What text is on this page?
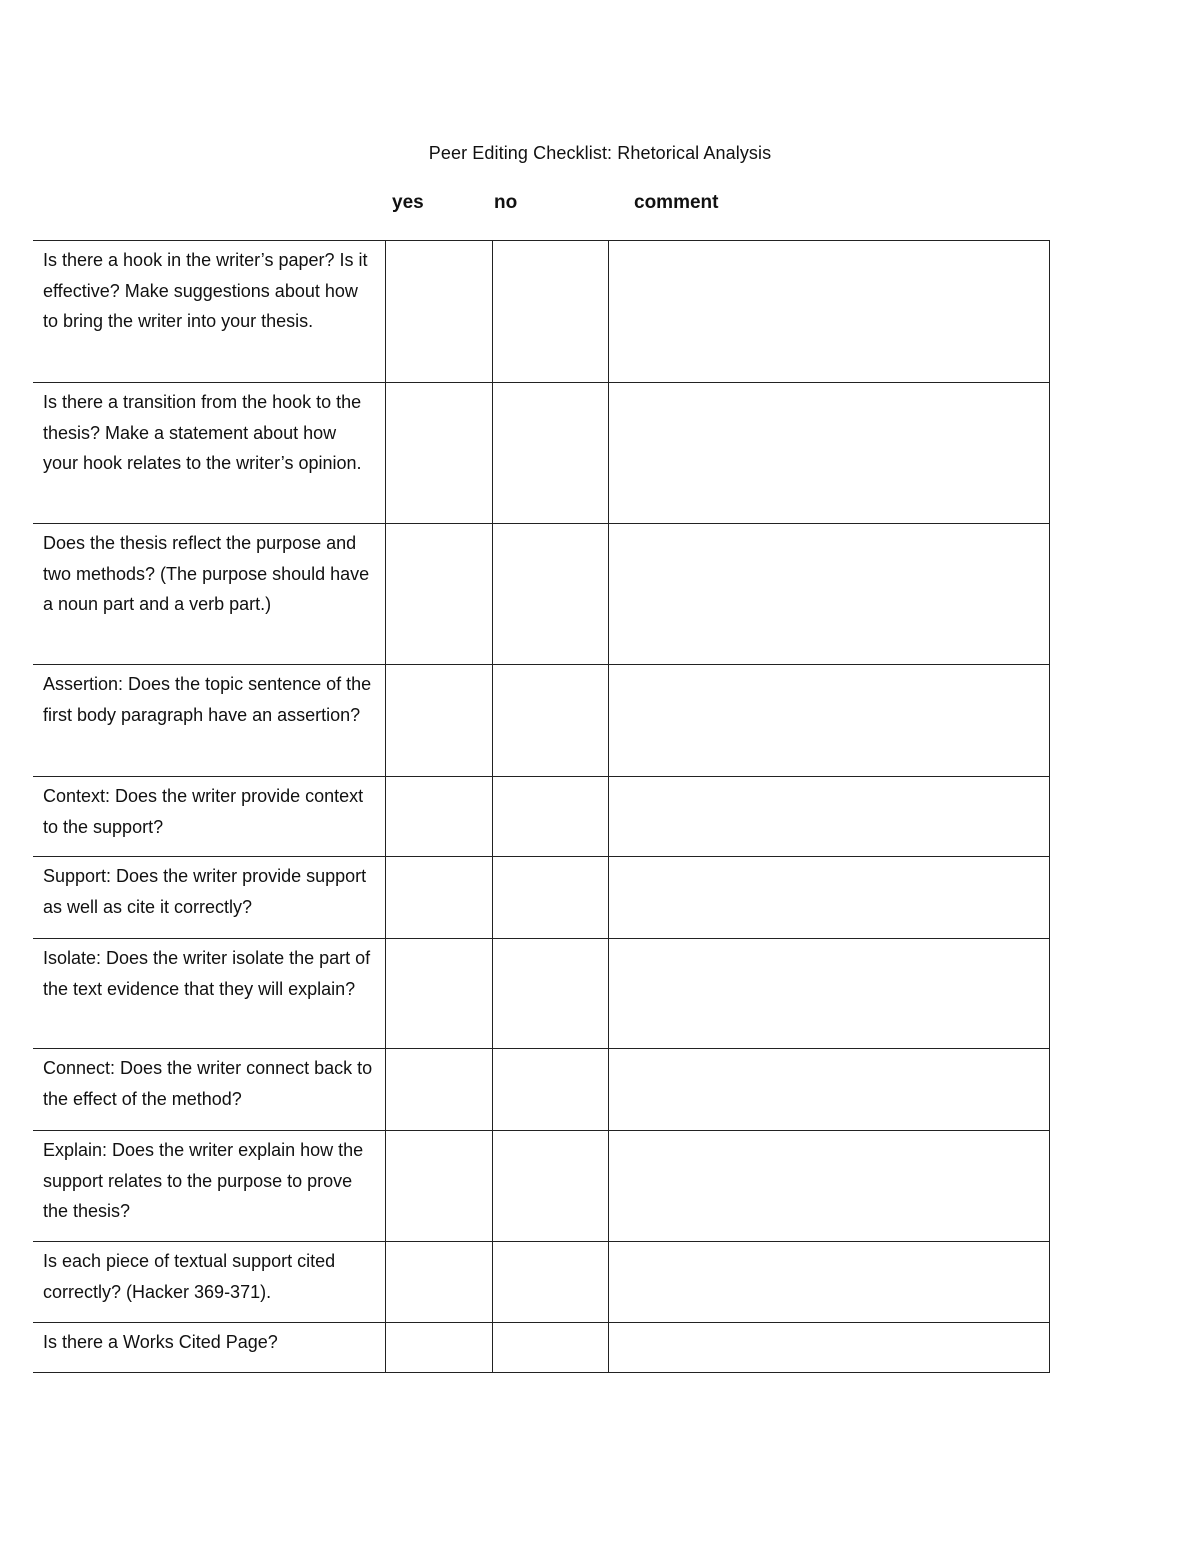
Peer Editing Checklist: Rhetorical Analysis
yes	no	comment
Is there a hook in the writer’s paper? Is it effective? Make suggestions about how to bring the writer into your thesis.			
Is there a transition from the hook to the thesis? Make a statement about how your hook relates to the writer’s opinion.			
Does the thesis reflect the purpose and two methods? (The purpose should have a noun part and a verb part.)			
Assertion: Does the topic sentence of the first body paragraph have an assertion?			
Context: Does the writer provide context to the support?			
Support: Does the writer provide support as well as cite it correctly?			
Isolate: Does the writer isolate the part of the text evidence that they will explain?			
Connect: Does the writer connect back to the effect of the method?			
Explain: Does the writer explain how the support relates to the purpose to prove the thesis?			
Is each piece of textual support cited correctly? (Hacker 369-371).			
Is there a Works Cited Page?			
